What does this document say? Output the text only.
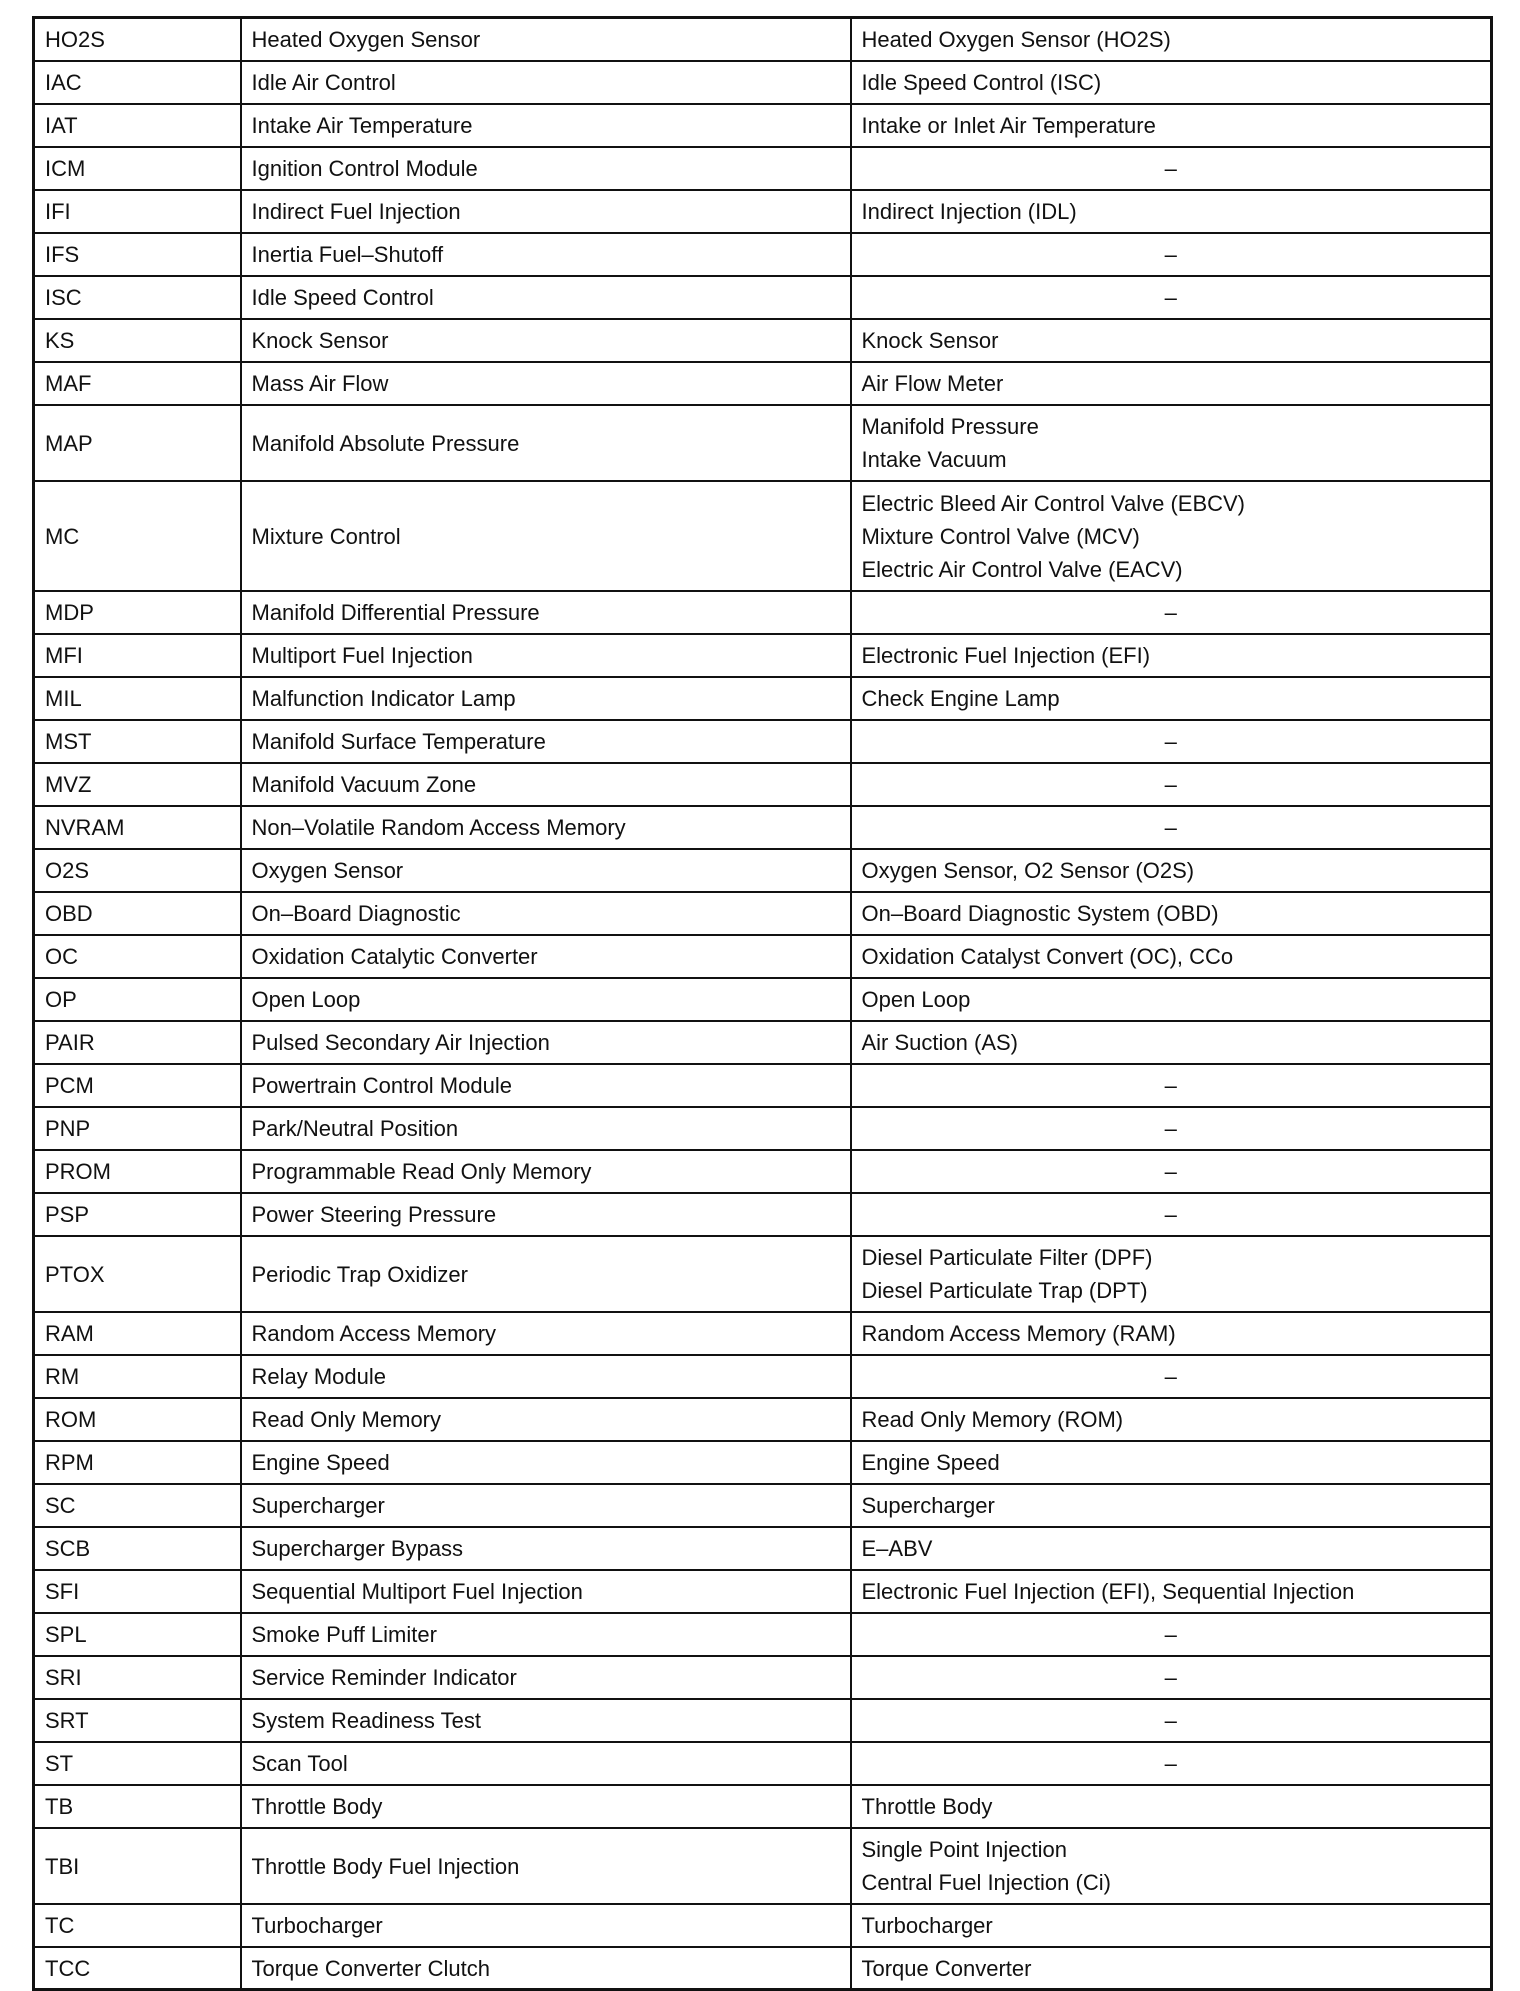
HO2S	Heated Oxygen Sensor	Heated Oxygen Sensor (HO2S)

IAC	Idle Air Control	Idle Speed Control (ISC)

IAT	Intake Air Temperature	Intake or Inlet Air Temperature

ICM	Ignition Control Module	–

IFI	Indirect Fuel Injection	Indirect Injection (IDL)

IFS	Inertia Fuel–Shutoff	–

ISC	Idle Speed Control	–

KS	Knock Sensor	Knock Sensor

MAF	Mass Air Flow	Air Flow Meter

MAP	Manifold Absolute Pressure	Manifold Pressure
Intake Vacuum

MC	Mixture Control	Electric Bleed Air Control Valve (EBCV)
Mixture Control Valve (MCV)
Electric Air Control Valve (EACV)

MDP	Manifold Differential Pressure	–

MFI	Multiport Fuel Injection	Electronic Fuel Injection (EFI)

MIL	Malfunction Indicator Lamp	Check Engine Lamp

MST	Manifold Surface Temperature	–

MVZ	Manifold Vacuum Zone	–

NVRAM	Non–Volatile Random Access Memory	–

O2S	Oxygen Sensor	Oxygen Sensor, O2 Sensor (O2S)

OBD	On–Board Diagnostic	On–Board Diagnostic System (OBD)

OC	Oxidation Catalytic Converter	Oxidation Catalyst Convert (OC), CCo

OP	Open Loop	Open Loop

PAIR	Pulsed Secondary Air Injection	Air Suction (AS)

PCM	Powertrain Control Module	–

PNP	Park/Neutral Position	–

PROM	Programmable Read Only Memory	–

PSP	Power Steering Pressure	–

PTOX	Periodic Trap Oxidizer	Diesel Particulate Filter (DPF)
Diesel Particulate Trap (DPT)

RAM	Random Access Memory	Random Access Memory (RAM)

RM	Relay Module	–

ROM	Read Only Memory	Read Only Memory (ROM)

RPM	Engine Speed	Engine Speed

SC	Supercharger	Supercharger

SCB	Supercharger Bypass	E–ABV

SFI	Sequential Multiport Fuel Injection	Electronic Fuel Injection (EFI), Sequential Injection

SPL	Smoke Puff Limiter	–

SRI	Service Reminder Indicator	–

SRT	System Readiness Test	–

ST	Scan Tool	–

TB	Throttle Body	Throttle Body

TBI	Throttle Body Fuel Injection	Single Point Injection
Central Fuel Injection (Ci)

TC	Turbocharger	Turbocharger

TCC	Torque Converter Clutch	Torque Converter
